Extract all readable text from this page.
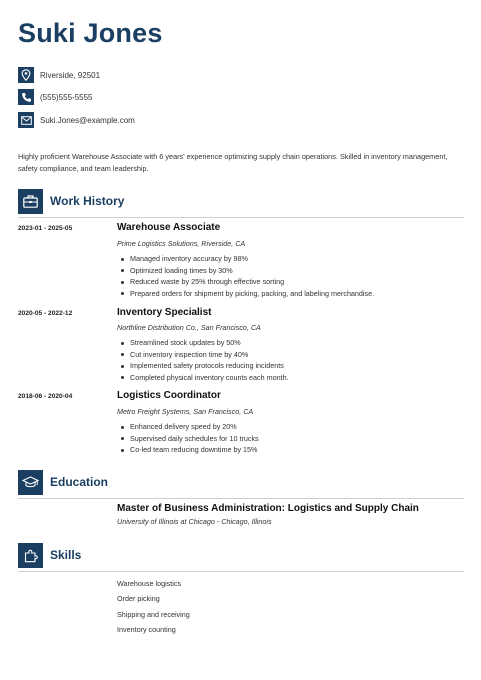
Suki Jones
Riverside, 92501
(555)555-5555
Suki.Jones@example.com
Highly proficient Warehouse Associate with 6 years' experience optimizing supply chain operations. Skilled in inventory management, safety compliance, and team leadership.
Work History
2023-01 - 2025-05	Warehouse Associate
Prime Logistics Solutions, Riverside, CA
Managed inventory accuracy by 98%
Optimized loading times by 30%
Reduced waste by 25% through effective sorting
Prepared orders for shipment by picking, packing, and labeling merchandise.
2020-05 - 2022-12	Inventory Specialist
Northline Distribution Co., San Francisco, CA
Streamlined stock updates by 50%
Cut inventory inspection time by 40%
Implemented safety protocols reducing incidents
Completed physical inventory counts each month.
2018-06 - 2020-04	Logistics Coordinator
Metro Freight Systems, San Francisco, CA
Enhanced delivery speed by 20%
Supervised daily schedules for 10 trucks
Co-led team reducing downtime by 15%
Education
Master of Business Administration: Logistics and Supply Chain
University of Illinois at Chicago - Chicago, Illinois
Skills
Warehouse logistics
Order picking
Shipping and receiving
Inventory counting
